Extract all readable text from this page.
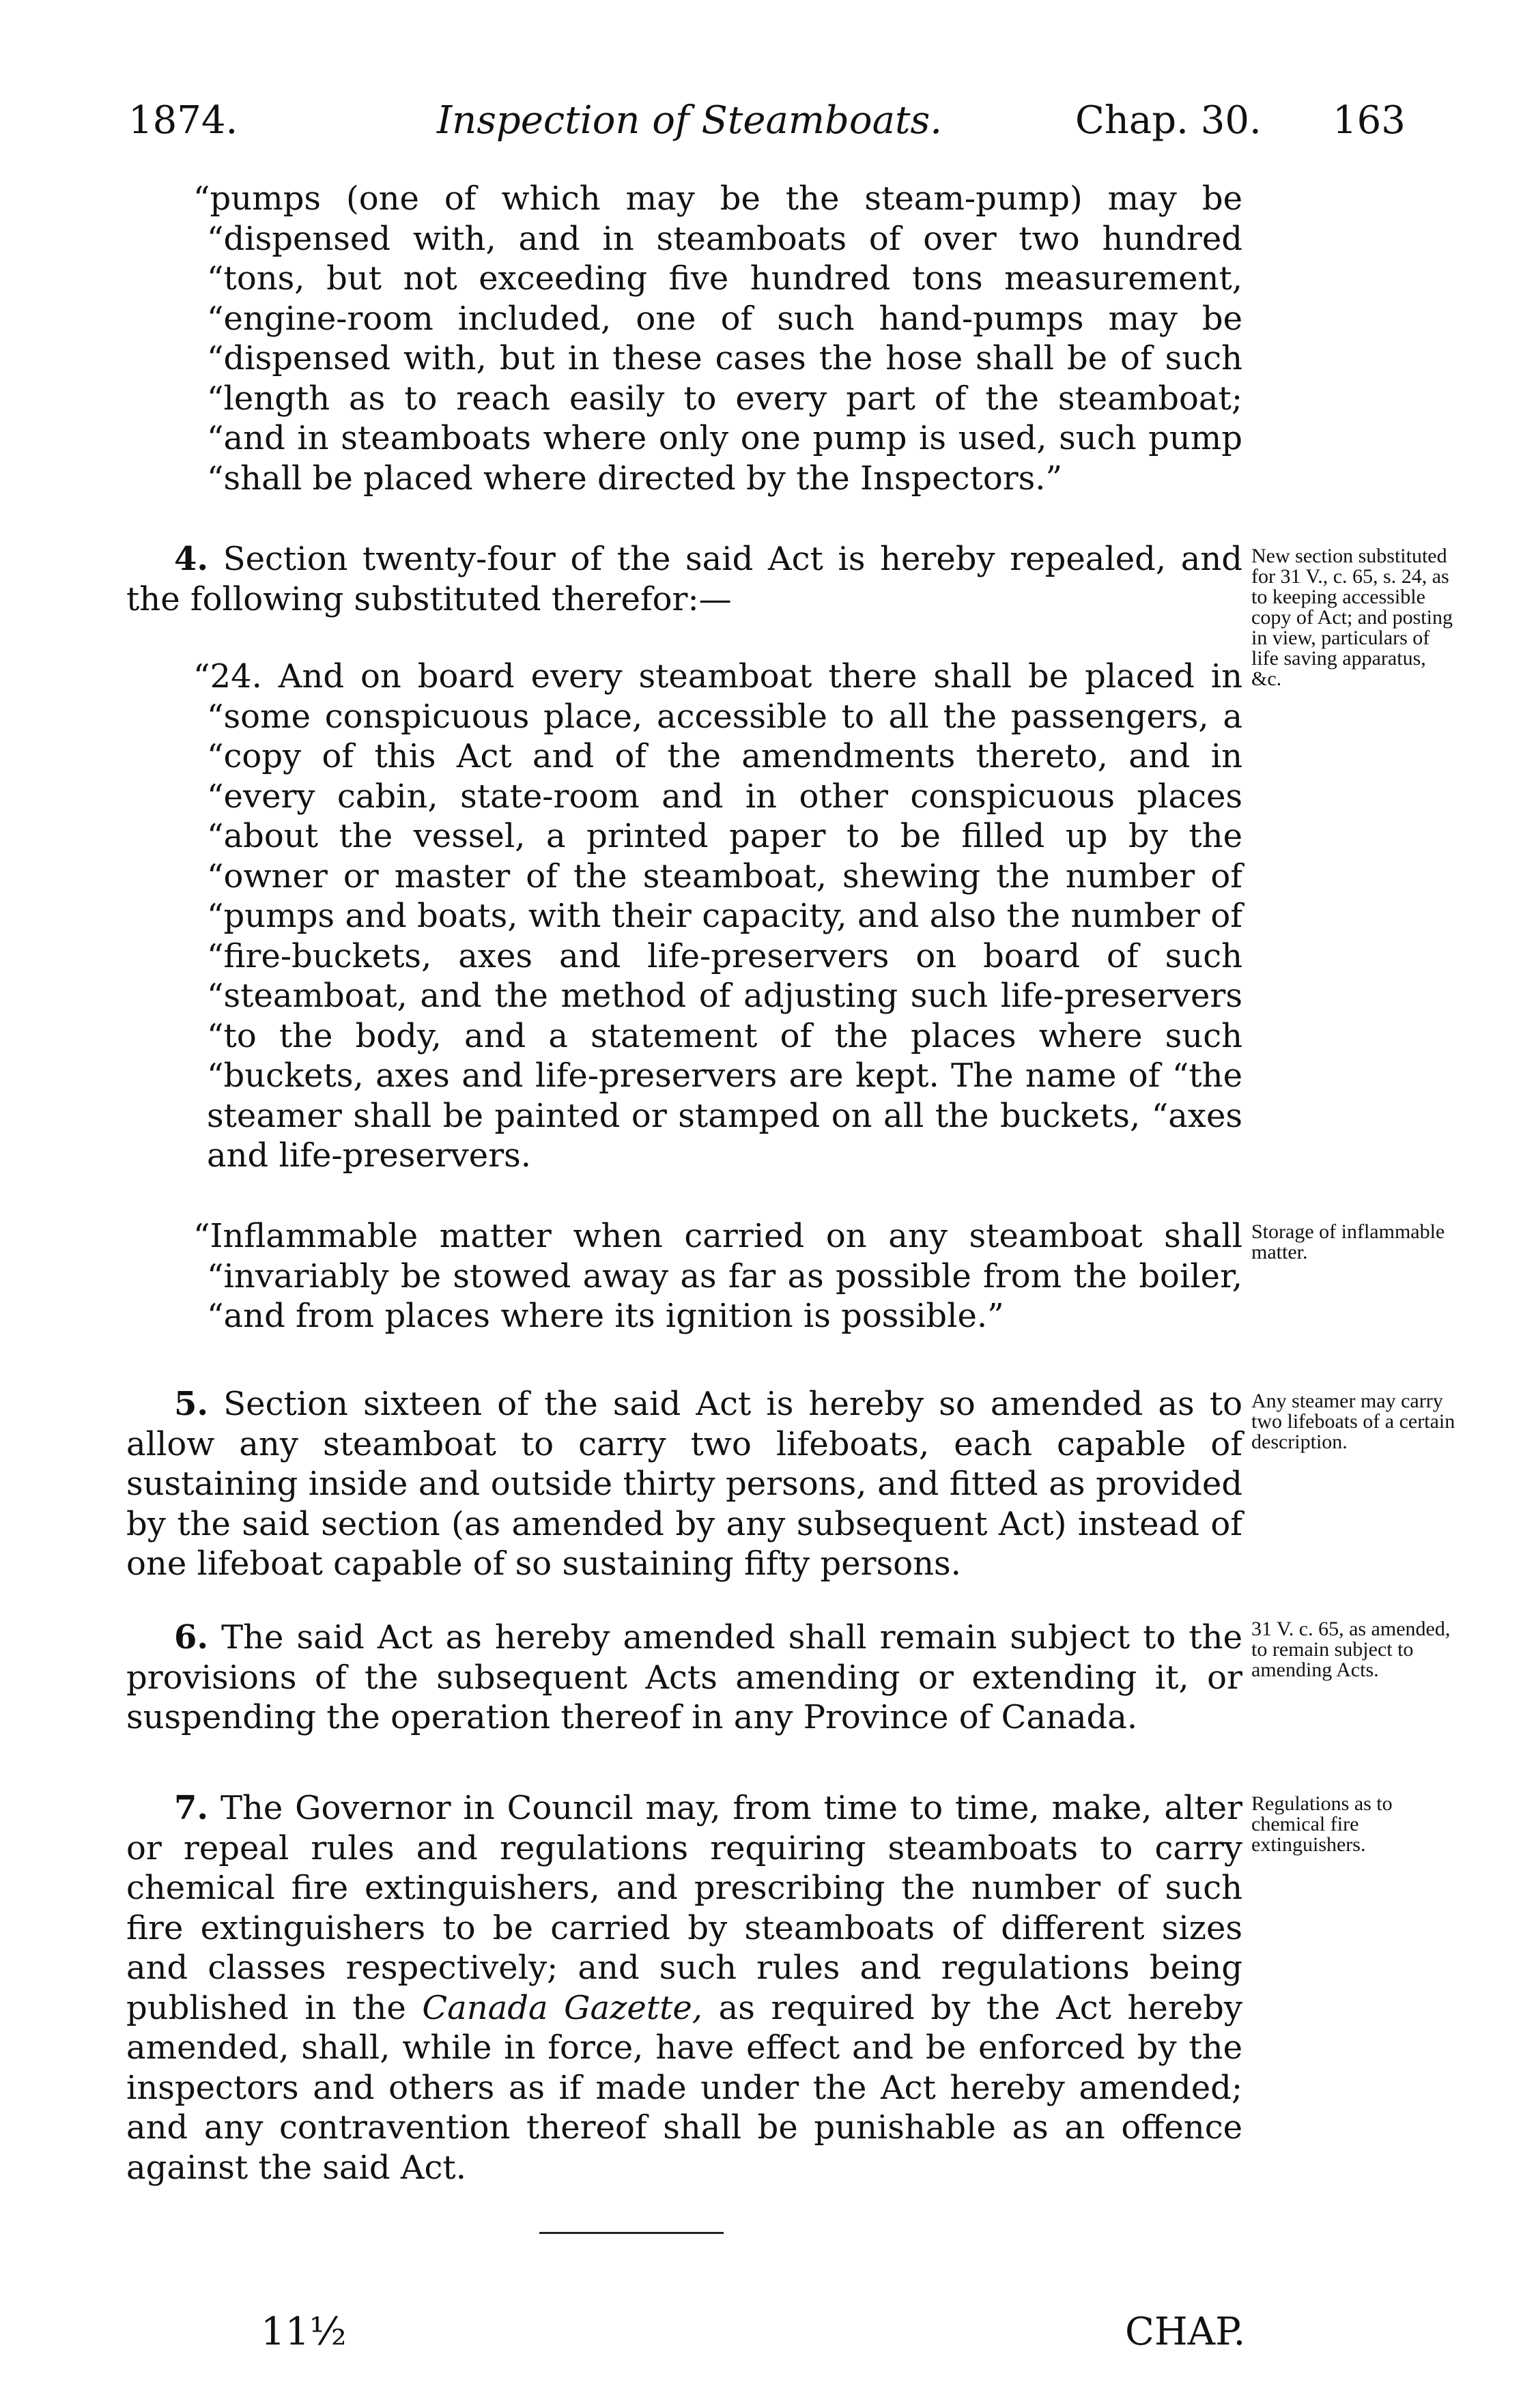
1874.	Inspection of Steamboats.	Chap. 30. 163

“pumps (one of which may be the steam-pump) may be “dispensed with, and in steamboats of over two hundred “tons, but not exceeding five hundred tons measurement, “engine-room included, one of such hand-pumps may be “dispensed with, but in these cases the hose shall be of such “length as to reach easily to every part of the steamboat; “and in steamboats where only one pump is used, such pump “shall be placed where directed by the Inspectors.”

4. Section twenty-four of the said Act is hereby repealed, and the following substituted therefor:—

“24. And on board every steamboat there shall be placed in “some conspicuous place, accessible to all the passengers, a “copy of this Act and of the amendments thereto, and in “every cabin, state-room and in other conspicuous places “about the vessel, a printed paper to be filled up by the “owner or master of the steamboat, shewing the number of “pumps and boats, with their capacity, and also the number of “fire-buckets, axes and life-preservers on board of such “steamboat, and the method of adjusting such life-preservers “to the body, and a statement of the places where such “buckets, axes and life-preservers are kept. The name of “the steamer shall be painted or stamped on all the buckets, “axes and life-preservers.

“Inflammable matter when carried on any steamboat shall “invariably be stowed away as far as possible from the boiler, “and from places where its ignition is possible.”

New section substituted for 31 V., c. 65, s. 24, as to keeping accessible copy of Act; and posting in view, particulars of life saving apparatus, &c.
Storage of inflammable matter.

5. Section sixteen of the said Act is hereby so amended as to allow any steamboat to carry two lifeboats, each capable of sustaining inside and outside thirty persons, and fitted as provided by the said section (as amended by any subsequent Act) instead of one lifeboat capable of so sustaining fifty persons.

Any steamer may carry two lifeboats of a certain description.

6. The said Act as hereby amended shall remain subject to the provisions of the subsequent Acts amending or extending it, or suspending the operation thereof in any Province of Canada.

31 V. c. 65, as amended, to remain subject to amending Acts.

7. The Governor in Council may, from time to time, make, alter or repeal rules and regulations requiring steamboats to carry chemical fire extinguishers, and prescribing the number of such fire extinguishers to be carried by steamboats of different sizes and classes respectively; and such rules and regulations being published in the Canada Gazette, as required by the Act hereby amended, shall, while in force, have effect and be enforced by the inspectors and others as if made under the Act hereby amended; and any contravention thereof shall be punishable as an offence against the said Act.

Regulations as to chemical fire extinguishers.
11½	CHAP.
